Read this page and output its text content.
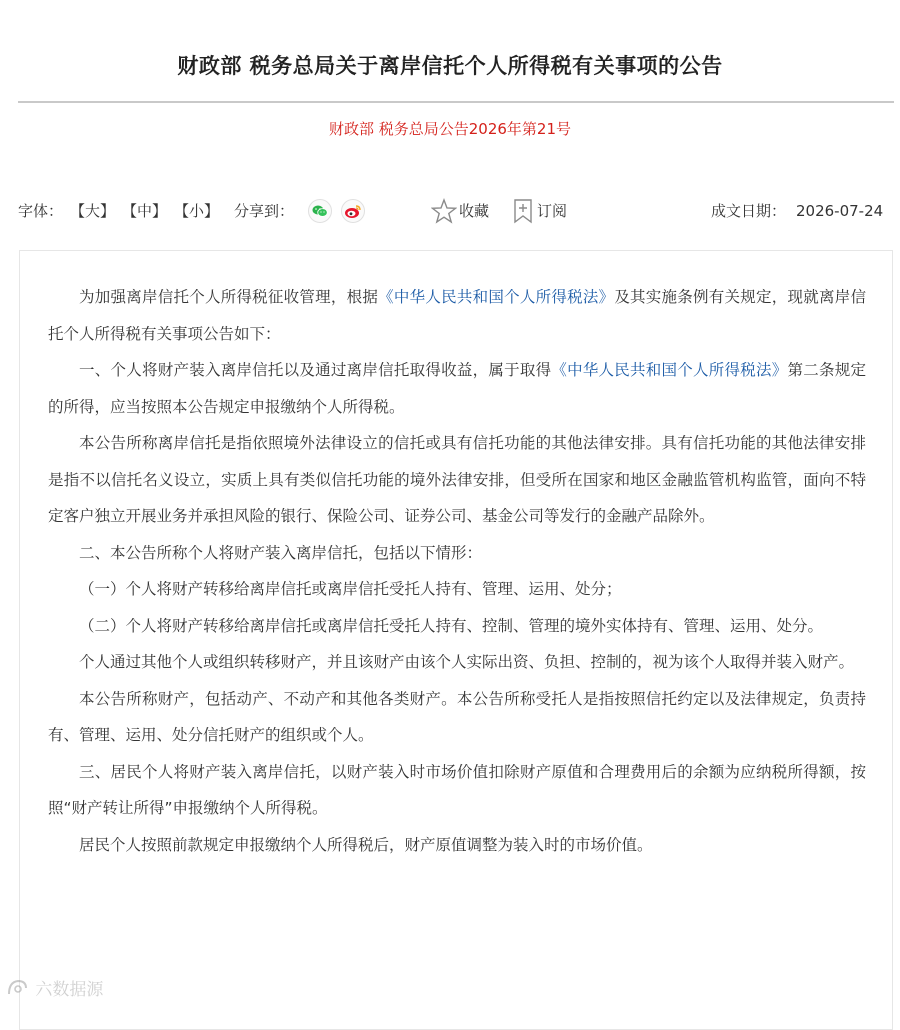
财政部 税务总局关于离岸信托个人所得税有关事项的公告
财政部 税务总局公告2026年第21号
字体： 【大】 【中】 【小】 分享到：	收藏	订阅	成文日期： 2026-07-24

为加强离岸信托个人所得税征收管理，根据《中华人民共和国个人所得税法》及其实施条例有关规定，现就离岸信托个人所得税有关事项公告如下：

一、个人将财产装入离岸信托以及通过离岸信托取得收益，属于取得《中华人民共和国个人所得税法》第二条规定的所得，应当按照本公告规定申报缴纳个人所得税。

本公告所称离岸信托是指依照境外法律设立的信托或具有信托功能的其他法律安排。具有信托功能的其他法律安排是指不以信托名义设立，实质上具有类似信托功能的境外法律安排，但受所在国家和地区金融监管机构监管，面向不特定客户独立开展业务并承担风险的银行、保险公司、证券公司、基金公司等发行的金融产品除外。

二、本公告所称个人将财产装入离岸信托，包括以下情形：

（一）个人将财产转移给离岸信托或离岸信托受托人持有、管理、运用、处分；

（二）个人将财产转移给离岸信托或离岸信托受托人持有、控制、管理的境外实体持有、管理、运用、处分。

个人通过其他个人或组织转移财产，并且该财产由该个人实际出资、负担、控制的，视为该个人取得并装入财产。

本公告所称财产，包括动产、不动产和其他各类财产。本公告所称受托人是指按照信托约定以及法律规定，负责持有、管理、运用、处分信托财产的组织或个人。

三、居民个人将财产装入离岸信托，以财产装入时市场价值扣除财产原值和合理费用后的余额为应纳税所得额，按照“财产转让所得”申报缴纳个人所得税。

居民个人按照前款规定申报缴纳个人所得税后，财产原值调整为装入时的市场价值。

六数据源
